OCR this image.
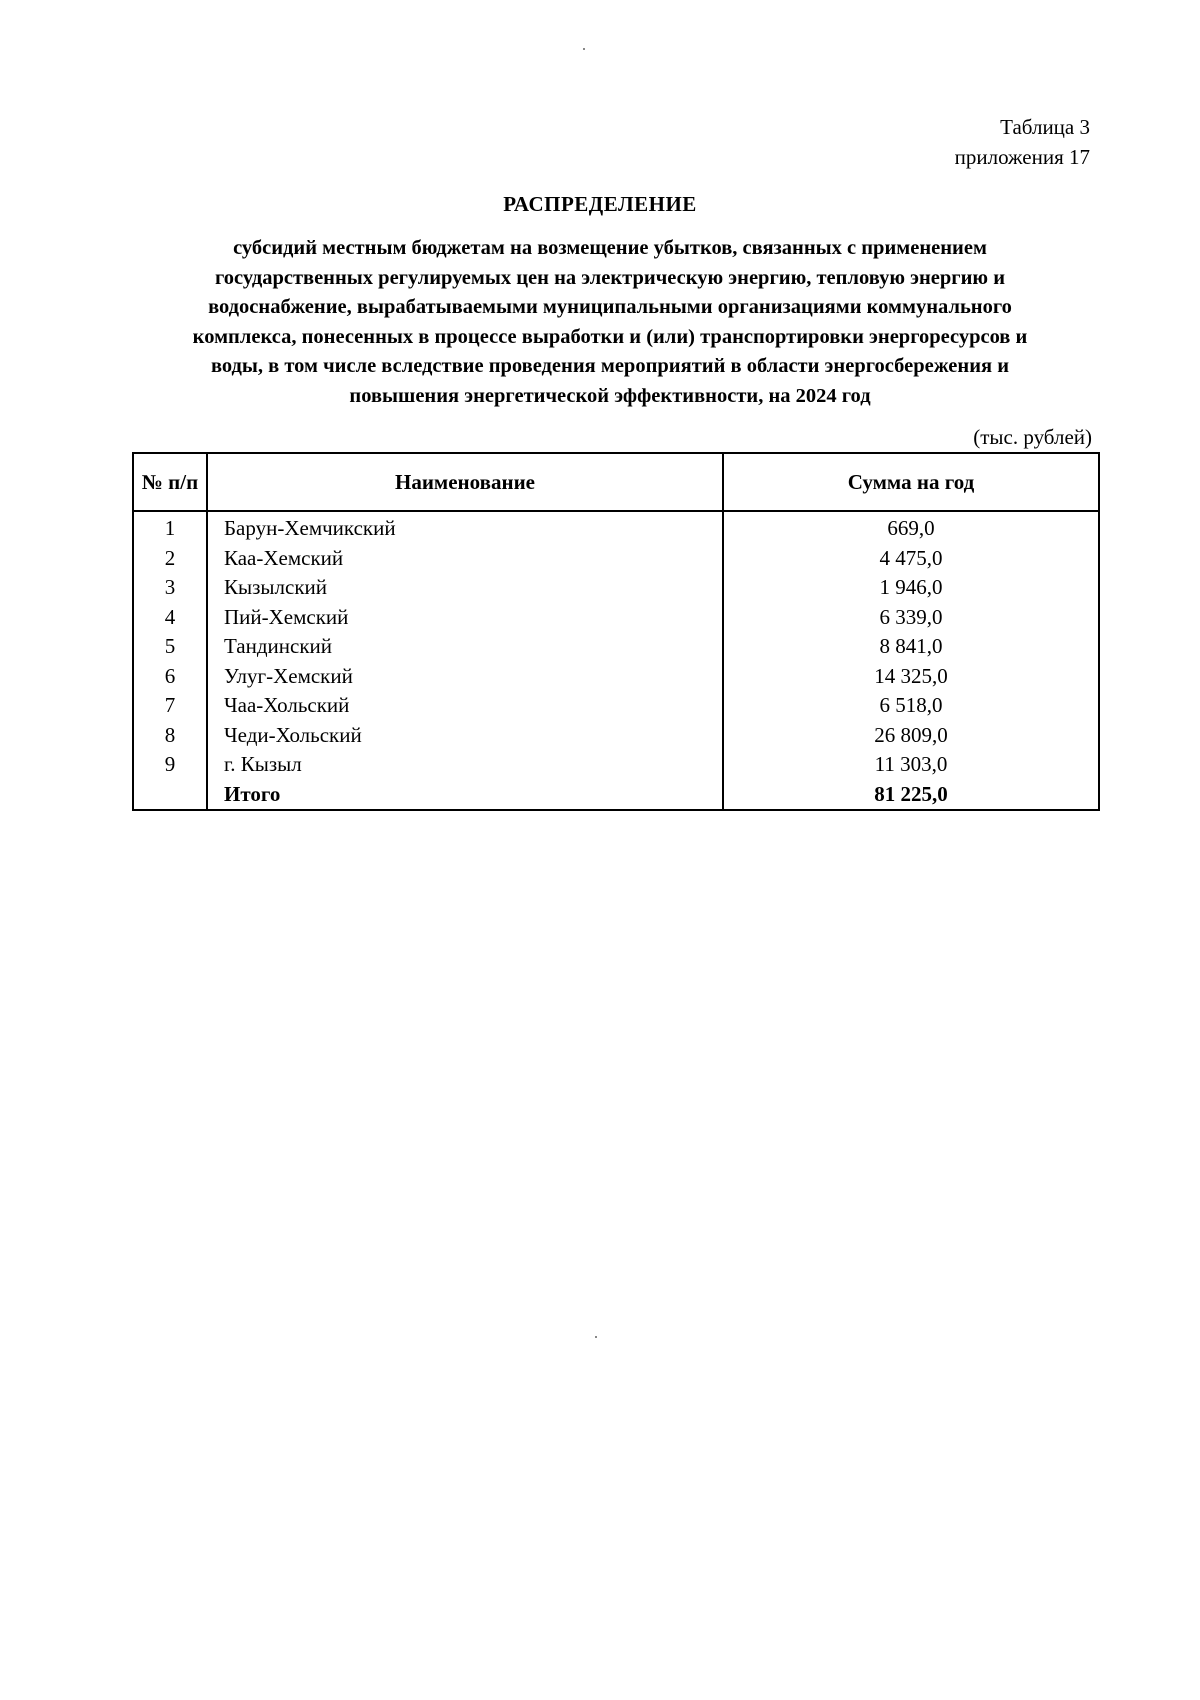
Таблица 3
приложения 17
РАСПРЕДЕЛЕНИЕ
субсидий местным бюджетам на возмещение убытков, связанных с применением
государственных регулируемых цен на электрическую энергию, тепловую энергию и
водоснабжение, вырабатываемыми муниципальными организациями коммунального
комплекса, понесенных в процессе выработки и (или) транспортировки энергоресурсов и
воды, в том числе вследствие проведения мероприятий в области энергосбережения и
повышения энергетической эффективности, на 2024 год
(тыс. рублей)
№ п/п	Наименование	Сумма на год
1	Барун-Хемчикский	669,0
2	Каа-Хемский	4 475,0
3	Кызылский	1 946,0
4	Пий-Хемский	6 339,0
5	Тандинский	8 841,0
6	Улуг-Хемский	14 325,0
7	Чаа-Хольский	6 518,0
8	Чеди-Хольский	26 809,0
9	г. Кызыл	11 303,0
	Итого	81 225,0
